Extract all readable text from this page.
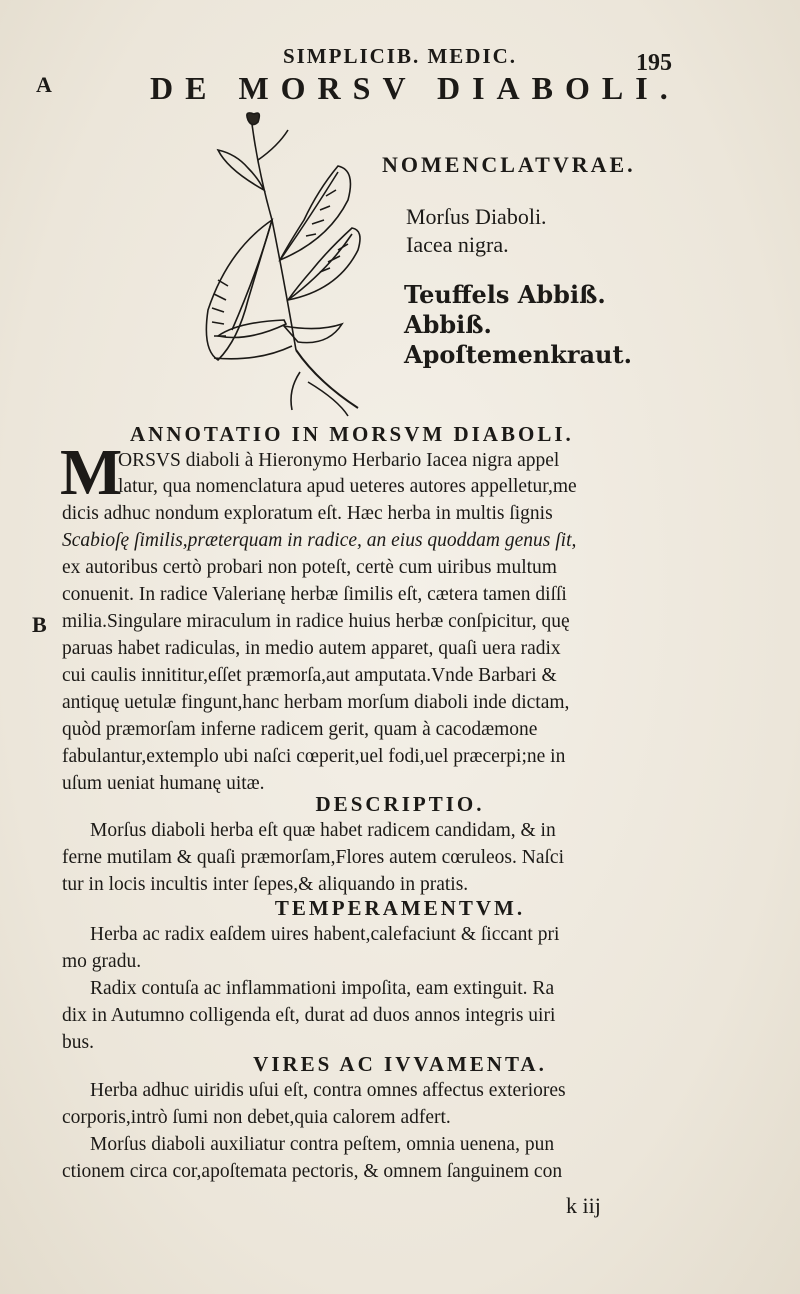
SIMPLICIB. MEDIC.	195
A
B
DE MORSV DIABOLI.
NOMENCLATVRAE.
Morſus Diaboli.
Iacea nigra.
Teuffels Abbiß.
Abbiß.
Apoſtemenkraut.
ANNOTATIO IN MORSVM DIABOLI.
M
ORSVS diaboli à Hieronymo Herbario Iacea nigra appel
latur, qua nomenclatura apud ueteres autores appelletur,me
dicis adhuc nondum exploratum eſt. Hæc herba in multis ſignis
Scabioſę ſimilis,præterquam in radice, an eius quoddam genus ſit,
ex autoribus certò probari non poteſt, certè cum uiribus multum
conuenit. In radice Valerianę herbæ ſimilis eſt, cætera tamen diſſi
milia.Singulare miraculum in radice huius herbæ conſpicitur, quę
paruas habet radiculas, in medio autem apparet, quaſi uera radix
cui caulis innititur,eſſet præmorſa,aut amputata.Vnde Barbari &
antiquę uetulæ fingunt,hanc herbam morſum diaboli inde dictam,
quòd præmorſam inferne radicem gerit, quam à cacodæmone
fabulantur,extemplo ubi naſci cœperit,uel fodi,uel præcerpi;ne in
uſum ueniat humanę uitæ.
DESCRIPTIO.
Morſus diaboli herba eſt quæ habet radicem candidam, & in
ferne mutilam & quaſi præmorſam,Flores autem cœruleos. Naſci
tur in locis incultis inter ſepes,& aliquando in pratis.
TEMPERAMENTVM.
Herba ac radix eaſdem uires habent,calefaciunt & ſiccant pri
mo gradu.
Radix contuſa ac inflammationi impoſita, eam extinguit. Ra
dix in Autumno colligenda eſt, durat ad duos annos integris uiri
bus.
VIRES AC IVVAMENTA.
Herba adhuc uiridis uſui eſt, contra omnes affectus exteriores
corporis,intrò ſumi non debet,quia calorem adfert.
Morſus diaboli auxiliatur contra peſtem, omnia uenena, pun
ctionem circa cor,apoſtemata pectoris, & omnem ſanguinem con
k iij
